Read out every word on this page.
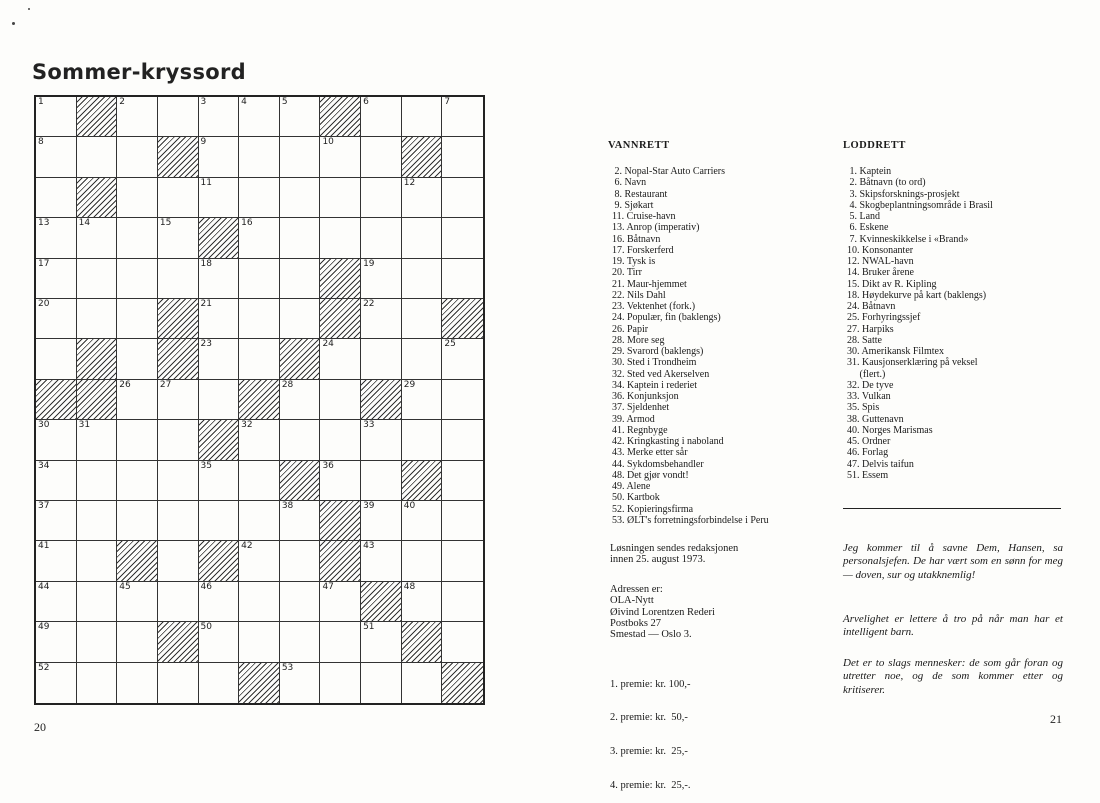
Sommer-kryssord
1	2	3	4	5	6	7
8	9	10
11	12
13	14	15	16
17	18	19
20	21	22
23	24	25
26	27	28	29
30	31	32	33
34	35	36
37	38	39	40
41	42	43
44	45	46	47	48
49	50	51
52	53
20
21
VANNRETT
2. Nopal-Star Auto Carriers
6. Navn
8. Restaurant
9. Sjøkart
11. Cruise-havn
13. Anrop (imperativ)
16. Båtnavn
17. Forskerferd
19. Tysk is
20. Tirr
21. Maur-hjemmet
22. Nils Dahl
23. Vektenhet (fork.)
24. Populær, fin (baklengs)
26. Papir
28. More seg
29. Svarord (baklengs)
30. Sted i Trondheim
32. Sted ved Akerselven
34. Kaptein i rederiet
36. Konjunksjon
37. Sjeldenhet
39. Armod
41. Regnbyge
42. Kringkasting i naboland
43. Merke etter sår
44. Sykdomsbehandler
48. Det gjør vondt!
49. Alene
50. Kartbok
52. Kopieringsfirma
53. ØLT's forretningsforbindelse i Peru
LODDRETT
1. Kaptein
2. Båtnavn (to ord)
3. Skipsforsknings-prosjekt
4. Skogbeplantningsområde i Brasil
5. Land
6. Eskene
7. Kvinneskikkelse i «Brand»
10. Konsonanter
12. NWAL-havn
14. Bruker årene
15. Dikt av R. Kipling
18. Høydekurve på kart (baklengs)
24. Båtnavn
25. Forhyringssjef
27. Harpiks
28. Satte
30. Amerikansk Filmtex
31. Kausjonserklæring på veksel
(flert.)
32. De tyve
33. Vulkan
35. Spis
38. Guttenavn
40. Norges Marismas
45. Ordner
46. Forlag
47. Delvis taifun
51. Essem
Løsningen sendes redaksjonen
innen 25. august 1973.
Adressen er:
OLA-Nytt
Øivind Lorentzen Rederi
Postboks 27
Smestad — Oslo 3.

1. premie: kr. 100,-

2. premie: kr.  50,-

3. premie: kr.  25,-

4. premie: kr.  25,-.

Jeg kommer til å savne Dem, Hansen, sa personalsjefen. De har vært som en sønn for meg — doven, sur og utakknemlig!

Arvelighet er lettere å tro på når man har et intelligent barn.

Det er to slags mennesker: de som går foran og utretter noe, og de som kommer etter og kritiserer.
